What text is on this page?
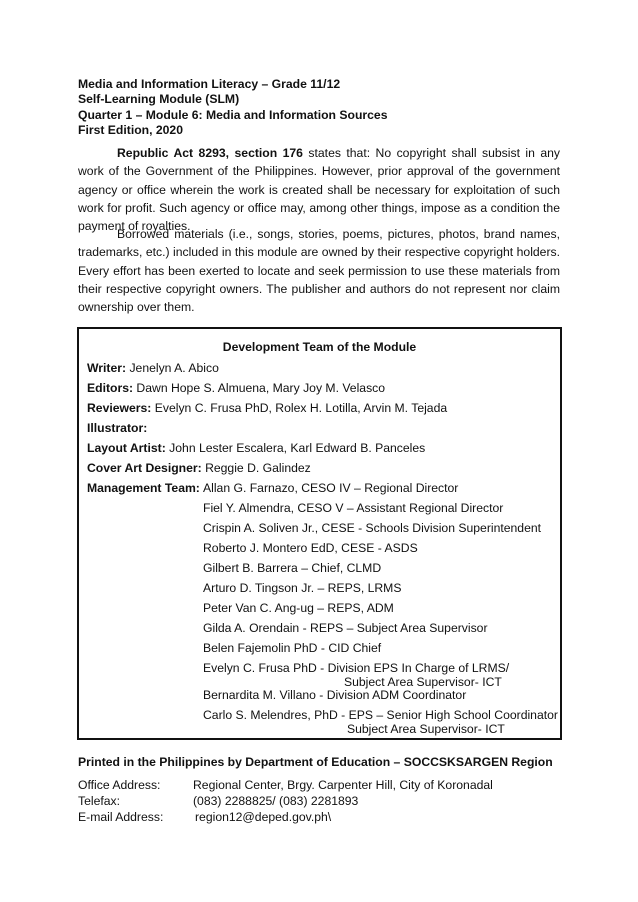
Media and Information Literacy – Grade 11/12
Self-Learning Module (SLM)
Quarter 1 – Module 6: Media and Information Sources
First Edition, 2020
Republic Act 8293, section 176 states that: No copyright shall subsist in any work of the Government of the Philippines. However, prior approval of the government agency or office wherein the work is created shall be necessary for exploitation of such work for profit. Such agency or office may, among other things, impose as a condition the payment of royalties.
Borrowed materials (i.e., songs, stories, poems, pictures, photos, brand names, trademarks, etc.) included in this module are owned by their respective copyright holders. Every effort has been exerted to locate and seek permission to use these materials from their respective copyright owners. The publisher and authors do not represent nor claim ownership over them.
Development Team of the Module
Writer: Jenelyn A. Abico
Editors: Dawn Hope S. Almuena, Mary Joy M. Velasco
Reviewers: Evelyn C. Frusa PhD, Rolex H. Lotilla, Arvin M. Tejada
Illustrator:
Layout Artist: John Lester Escalera, Karl Edward B. Panceles
Cover Art Designer: Reggie D. Galindez
Management Team: Allan G. Farnazo, CESO IV – Regional Director
Fiel Y. Almendra, CESO V – Assistant Regional Director
Crispin A. Soliven Jr., CESE - Schools Division Superintendent
Roberto J. Montero EdD, CESE - ASDS
Gilbert B. Barrera – Chief, CLMD
Arturo D. Tingson Jr. – REPS, LRMS
Peter Van C. Ang-ug – REPS, ADM
Gilda A. Orendain - REPS – Subject Area Supervisor
Belen Fajemolin PhD - CID Chief
Evelyn C. Frusa PhD - Division EPS In Charge of LRMS/
Subject Area Supervisor- ICT
Bernardita M. Villano - Division ADM Coordinator
Carlo S. Melendres, PhD - EPS – Senior High School Coordinator
Subject Area Supervisor- ICT
Printed in the Philippines by Department of Education – SOCCSKSARGEN Region
Office Address:	Regional Center, Brgy. Carpenter Hill, City of Koronadal
Telefax:	(083) 2288825/ (083) 2281893
E-mail Address:	region12@deped.gov.ph\
